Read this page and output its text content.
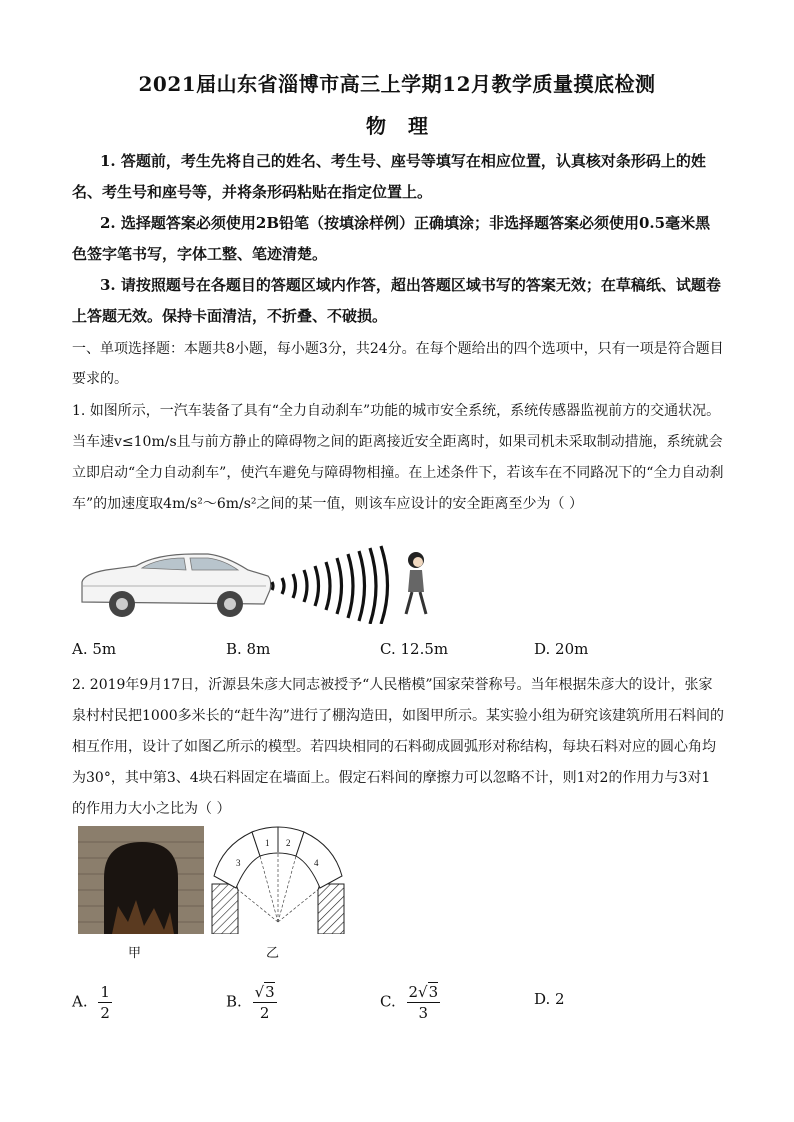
2021届山东省淄博市高三上学期12月教学质量摸底检测
物理
1. 答题前，考生先将自己的姓名、考生号、座号等填写在相应位置，认真核对条形码上的姓名、考生号和座号等，并将条形码粘贴在指定位置上。
2. 选择题答案必须使用2B铅笔（按填涂样例）正确填涂；非选择题答案必须使用0.5毫米黑色签字笔书写，字体工整、笔迹清楚。
3. 请按照题号在各题目的答题区域内作答，超出答题区域书写的答案无效；在草稿纸、试题卷上答题无效。保持卡面清洁，不折叠、不破损。
一、单项选择题：本题共8小题，每小题3分，共24分。在每个题给出的四个选项中，只有一项是符合题目要求的。
1. 如图所示，一汽车装备了具有“全力自动刹车”功能的城市安全系统，系统传感器监视前方的交通状况。当车速v≤10m/s且与前方静止的障碍物之间的距离接近安全距离时，如果司机未采取制动措施，系统就会立即启动“全力自动刹车”，使汽车避免与障碍物相撞。在上述条件下，若该车在不同路况下的“全力自动刹车”的加速度取4m/s²～6m/s²之间的某一值，则该车应设计的安全距离至少为（ ）
A. 5m	B. 8m	C. 12.5m	D. 20m
2. 2019年9月17日，沂源县朱彦大同志被授予“人民楷模”国家荣誉称号。当年根据朱彦大的设计，张家泉村村民把1000多米长的“赶牛沟”进行了棚沟造田，如图甲所示。某实验小组为研究该建筑所用石料间的相互作用，设计了如图乙所示的模型。若四块相同的石料砌成圆弧形对称结构，每块石料对应的圆心角均为30°，其中第3、4块石料固定在墙面上。假定石料间的摩擦力可以忽略不计，则1对2的作用力与3对1的作用力大小之比为（ ）
甲
1 2
3	4
乙
A. $\frac{1}{2}$	B. $\frac{√3}{2}$	C. $\frac{2√3}{3}$	D. 2
